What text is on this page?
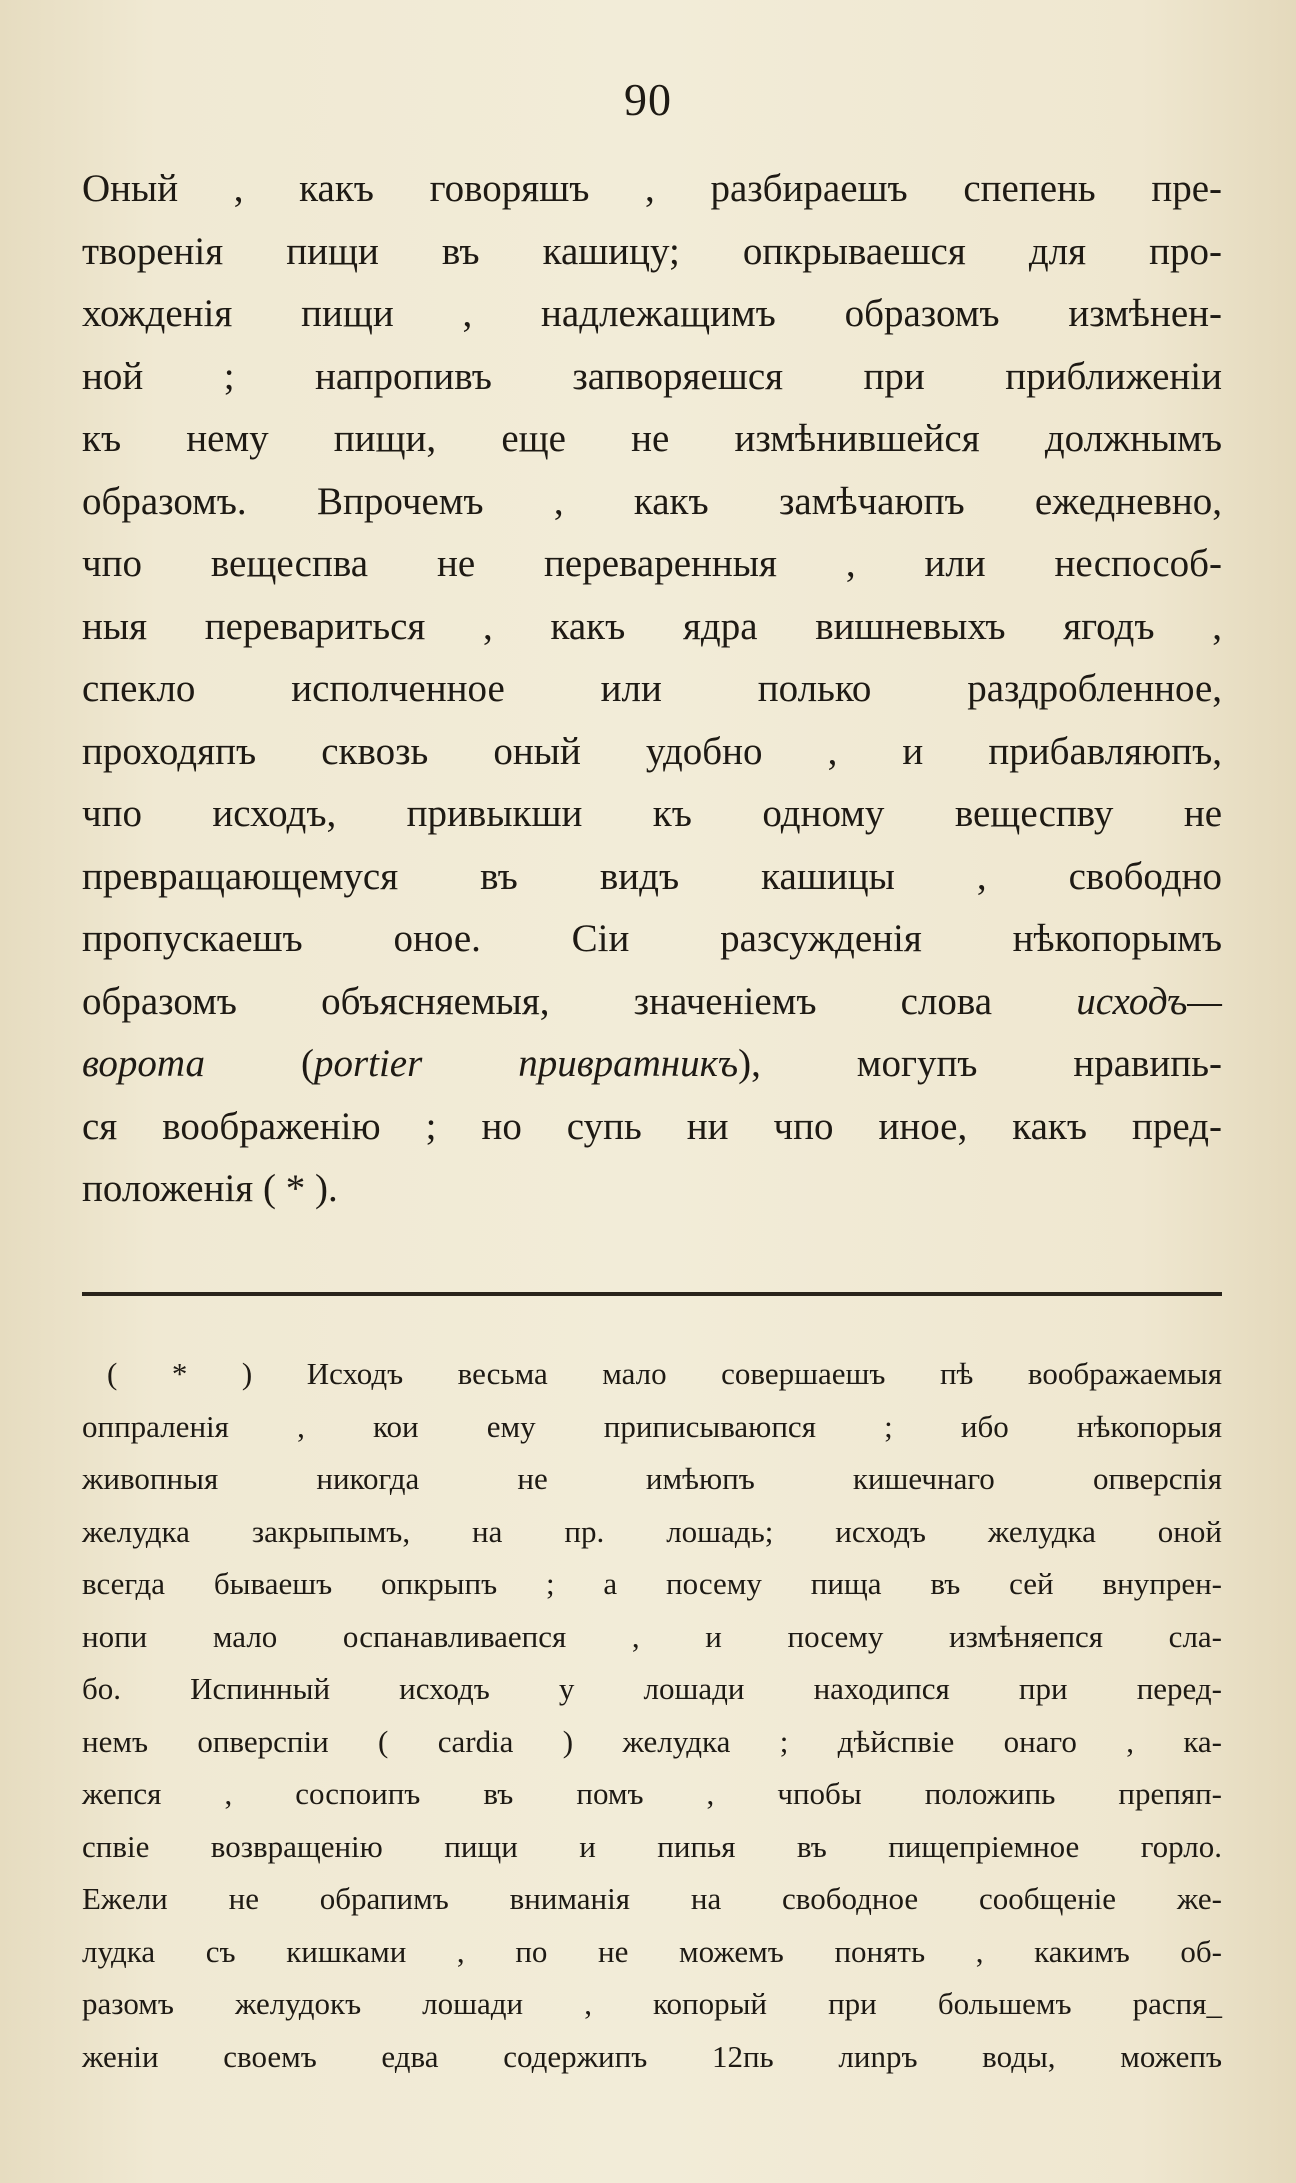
90
Оный , какъ говоряшъ , разбираешъ спепень пре-
творенiя пищи въ кашицу; опкрываешся для про-
хожденiя пищи , надлежащимъ образомъ измѣнен-
ной ; напропивъ запворяешся при приближенiи
къ нему пищи, еще не измѣнившейся должнымъ
образомъ. Впрочемъ , какъ замѣчаюпъ ежедневно,
чпо вещеспва не переваренныя , или неспособ-
ныя перевариться , какъ ядра вишневыхъ ягодъ ,
спекло исполченное или полько раздробленное,
проходяпъ сквозь оный удобно , и прибавляюпъ,
чпо исходъ, привыкши къ одному вещеспву не
превращающемуся въ видъ кашицы , свободно
пропускаешъ оное. Сiи разсужденiя нѣкопорымъ
образомъ объясняемыя, значенiемъ слова исходъ—
ворота (portier привратникъ), могупъ нравипь-
ся воображенiю ; но супь ни чпо иное, какъ пред-
положенiя ( * ).
( * ) Исходъ весьма мало совершаешъ пѣ воображаемыя
оппраленiя , кои ему приписываюпся ; ибо нѣкопорыя
живопныя никогда не имѣюпъ кишечнаго опверспiя
желудка закрыпымъ, на пр. лошадь; исходъ желудка оной
всегда бываешъ опкрыпъ ; а посему пища въ сей внупрен-
нопи мало оспанавливаепся , и посему измѣняепся сла-
бо. Испинный исходъ у лошади находипся при перед-
немъ опверспiи ( cardia ) желудка ; дѣйспвiе онаго , ка-
жепся , соспоипъ въ помъ , чпобы положипь препяп-
спвiе возвращенiю пищи и пипья въ пищепрiемное горло.
Ежели не обрапимъ вниманiя на свободное сообщенiе же-
лудка съ кишками , по не можемъ понять , какимъ об-
разомъ желудокъ лошади , копорый при большемъ распя_
женiи своемъ едва содержипъ 12пь лиnръ воды, можепъ
